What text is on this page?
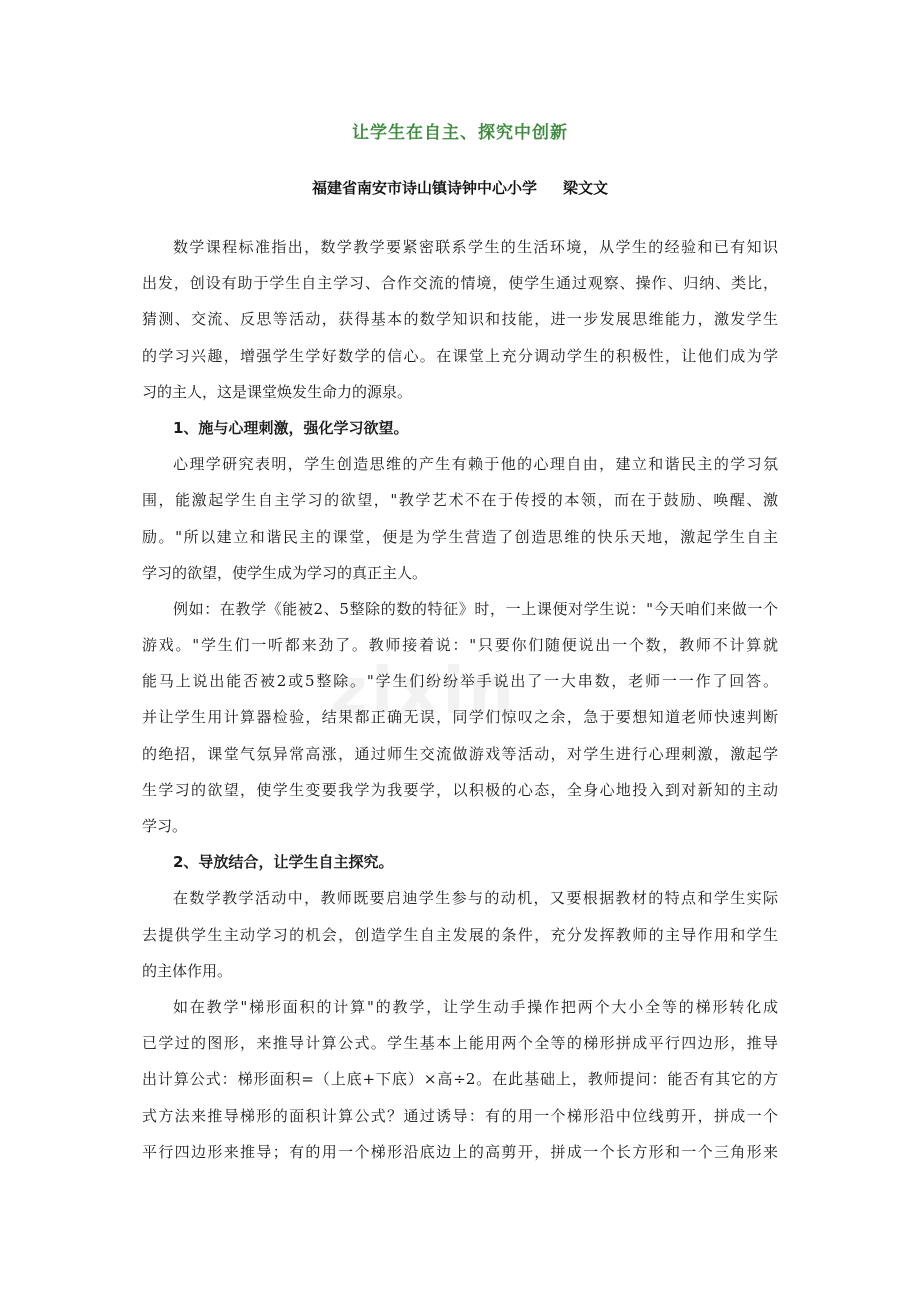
zixin
让学生在自主、探究中创新
福建省南安市诗山镇诗钟中心小学 梁文文
数学课程标准指出，数学教学要紧密联系学生的生活环境，从学生的经验和已有知识
出发，创设有助于学生自主学习、合作交流的情境，使学生通过观察、操作、归纳、类比，
猜测、交流、反思等活动，获得基本的数学知识和技能，进一步发展思维能力，激发学生
的学习兴趣，增强学生学好数学的信心。在课堂上充分调动学生的积极性，让他们成为学
习的主人，这是课堂焕发生命力的源泉。
1、施与心理刺激，强化学习欲望。
心理学研究表明，学生创造思维的产生有赖于他的心理自由，建立和谐民主的学习氛
围，能激起学生自主学习的欲望，"教学艺术不在于传授的本领，而在于鼓励、唤醒、激
励。"所以建立和谐民主的课堂，便是为学生营造了创造思维的快乐天地，激起学生自主
学习的欲望，使学生成为学习的真正主人。
例如：在教学《能被2、5整除的数的特征》时，一上课便对学生说："今天咱们来做一个
游戏。"学生们一听都来劲了。教师接着说："只要你们随便说出一个数，教师不计算就
能马上说出能否被2或5整除。"学生们纷纷举手说出了一大串数，老师一一作了回答。
并让学生用计算器检验，结果都正确无误，同学们惊叹之余，急于要想知道老师快速判断
的绝招，课堂气氛异常高涨，通过师生交流做游戏等活动，对学生进行心理刺激，激起学
生学习的欲望，使学生变要我学为我要学，以积极的心态，全身心地投入到对新知的主动
学习。
2、导放结合，让学生自主探究。
在数学教学活动中，教师既要启迪学生参与的动机，又要根据教材的特点和学生实际
去提供学生主动学习的机会，创造学生自主发展的条件，充分发挥教师的主导作用和学生
的主体作用。
如在教学"梯形面积的计算"的教学，让学生动手操作把两个大小全等的梯形转化成
已学过的图形，来推导计算公式。学生基本上能用两个全等的梯形拼成平行四边形，推导
出计算公式：梯形面积=（上底+下底）×高÷2。在此基础上，教师提问：能否有其它的方
式方法来推导梯形的面积计算公式？通过诱导：有的用一个梯形沿中位线剪开，拼成一个
平行四边形来推导；有的用一个梯形沿底边上的高剪开，拼成一个长方形和一个三角形来
